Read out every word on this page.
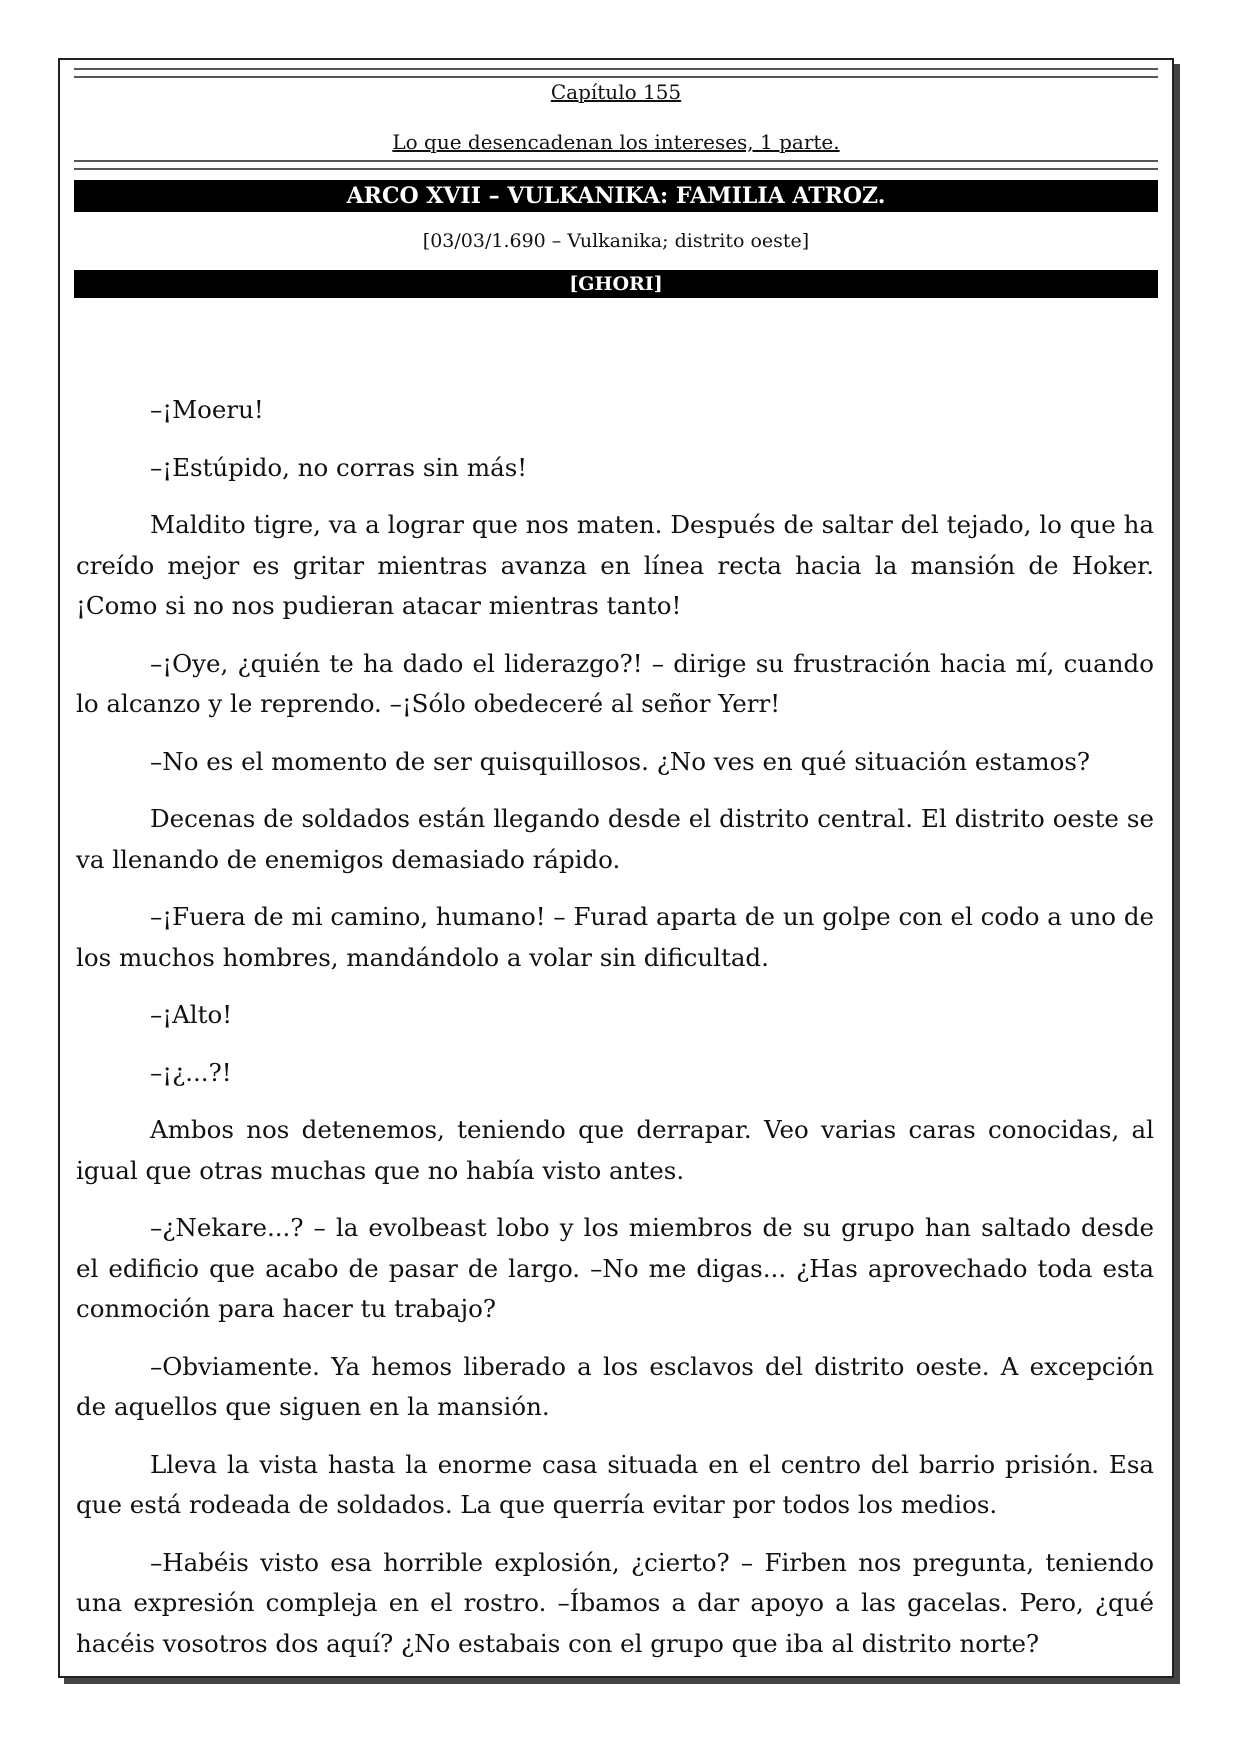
Capítulo 155
Lo que desencadenan los intereses, 1 parte.
ARCO XVII – VULKANIKA: FAMILIA ATROZ.
[03/03/1.690 – Vulkanika; distrito oeste]
[GHORI]

–¡Moeru!

–¡Estúpido, no corras sin más!

Maldito tigre, va a lograr que nos maten. Después de saltar del tejado, lo que ha creído mejor es gritar mientras avanza en línea recta hacia la mansión de Hoker. ¡Como si no nos pudieran atacar mientras tanto!

–¡Oye, ¿quién te ha dado el liderazgo?! – dirige su frustración hacia mí, cuando lo alcanzo y le reprendo. –¡Sólo obedeceré al señor Yerr!

–No es el momento de ser quisquillosos. ¿No ves en qué situación estamos?

Decenas de soldados están llegando desde el distrito central. El distrito oeste se va llenando de enemigos demasiado rápido.

–¡Fuera de mi camino, humano! – Furad aparta de un golpe con el codo a uno de los muchos hombres, mandándolo a volar sin dificultad.

–¡Alto!

–¡¿...?!

Ambos nos detenemos, teniendo que derrapar. Veo varias caras conocidas, al igual que otras muchas que no había visto antes.

–¿Nekare...? – la evolbeast lobo y los miembros de su grupo han saltado desde el edificio que acabo de pasar de largo. –No me digas... ¿Has aprovechado toda esta conmoción para hacer tu trabajo?

–Obviamente. Ya hemos liberado a los esclavos del distrito oeste. A excepción de aquellos que siguen en la mansión.

Lleva la vista hasta la enorme casa situada en el centro del barrio prisión. Esa que está rodeada de soldados. La que querría evitar por todos los medios.

–Habéis visto esa horrible explosión, ¿cierto? – Firben nos pregunta, teniendo una expresión compleja en el rostro. –Íbamos a dar apoyo a las gacelas. Pero, ¿qué hacéis vosotros dos aquí? ¿No estabais con el grupo que iba al distrito norte?
